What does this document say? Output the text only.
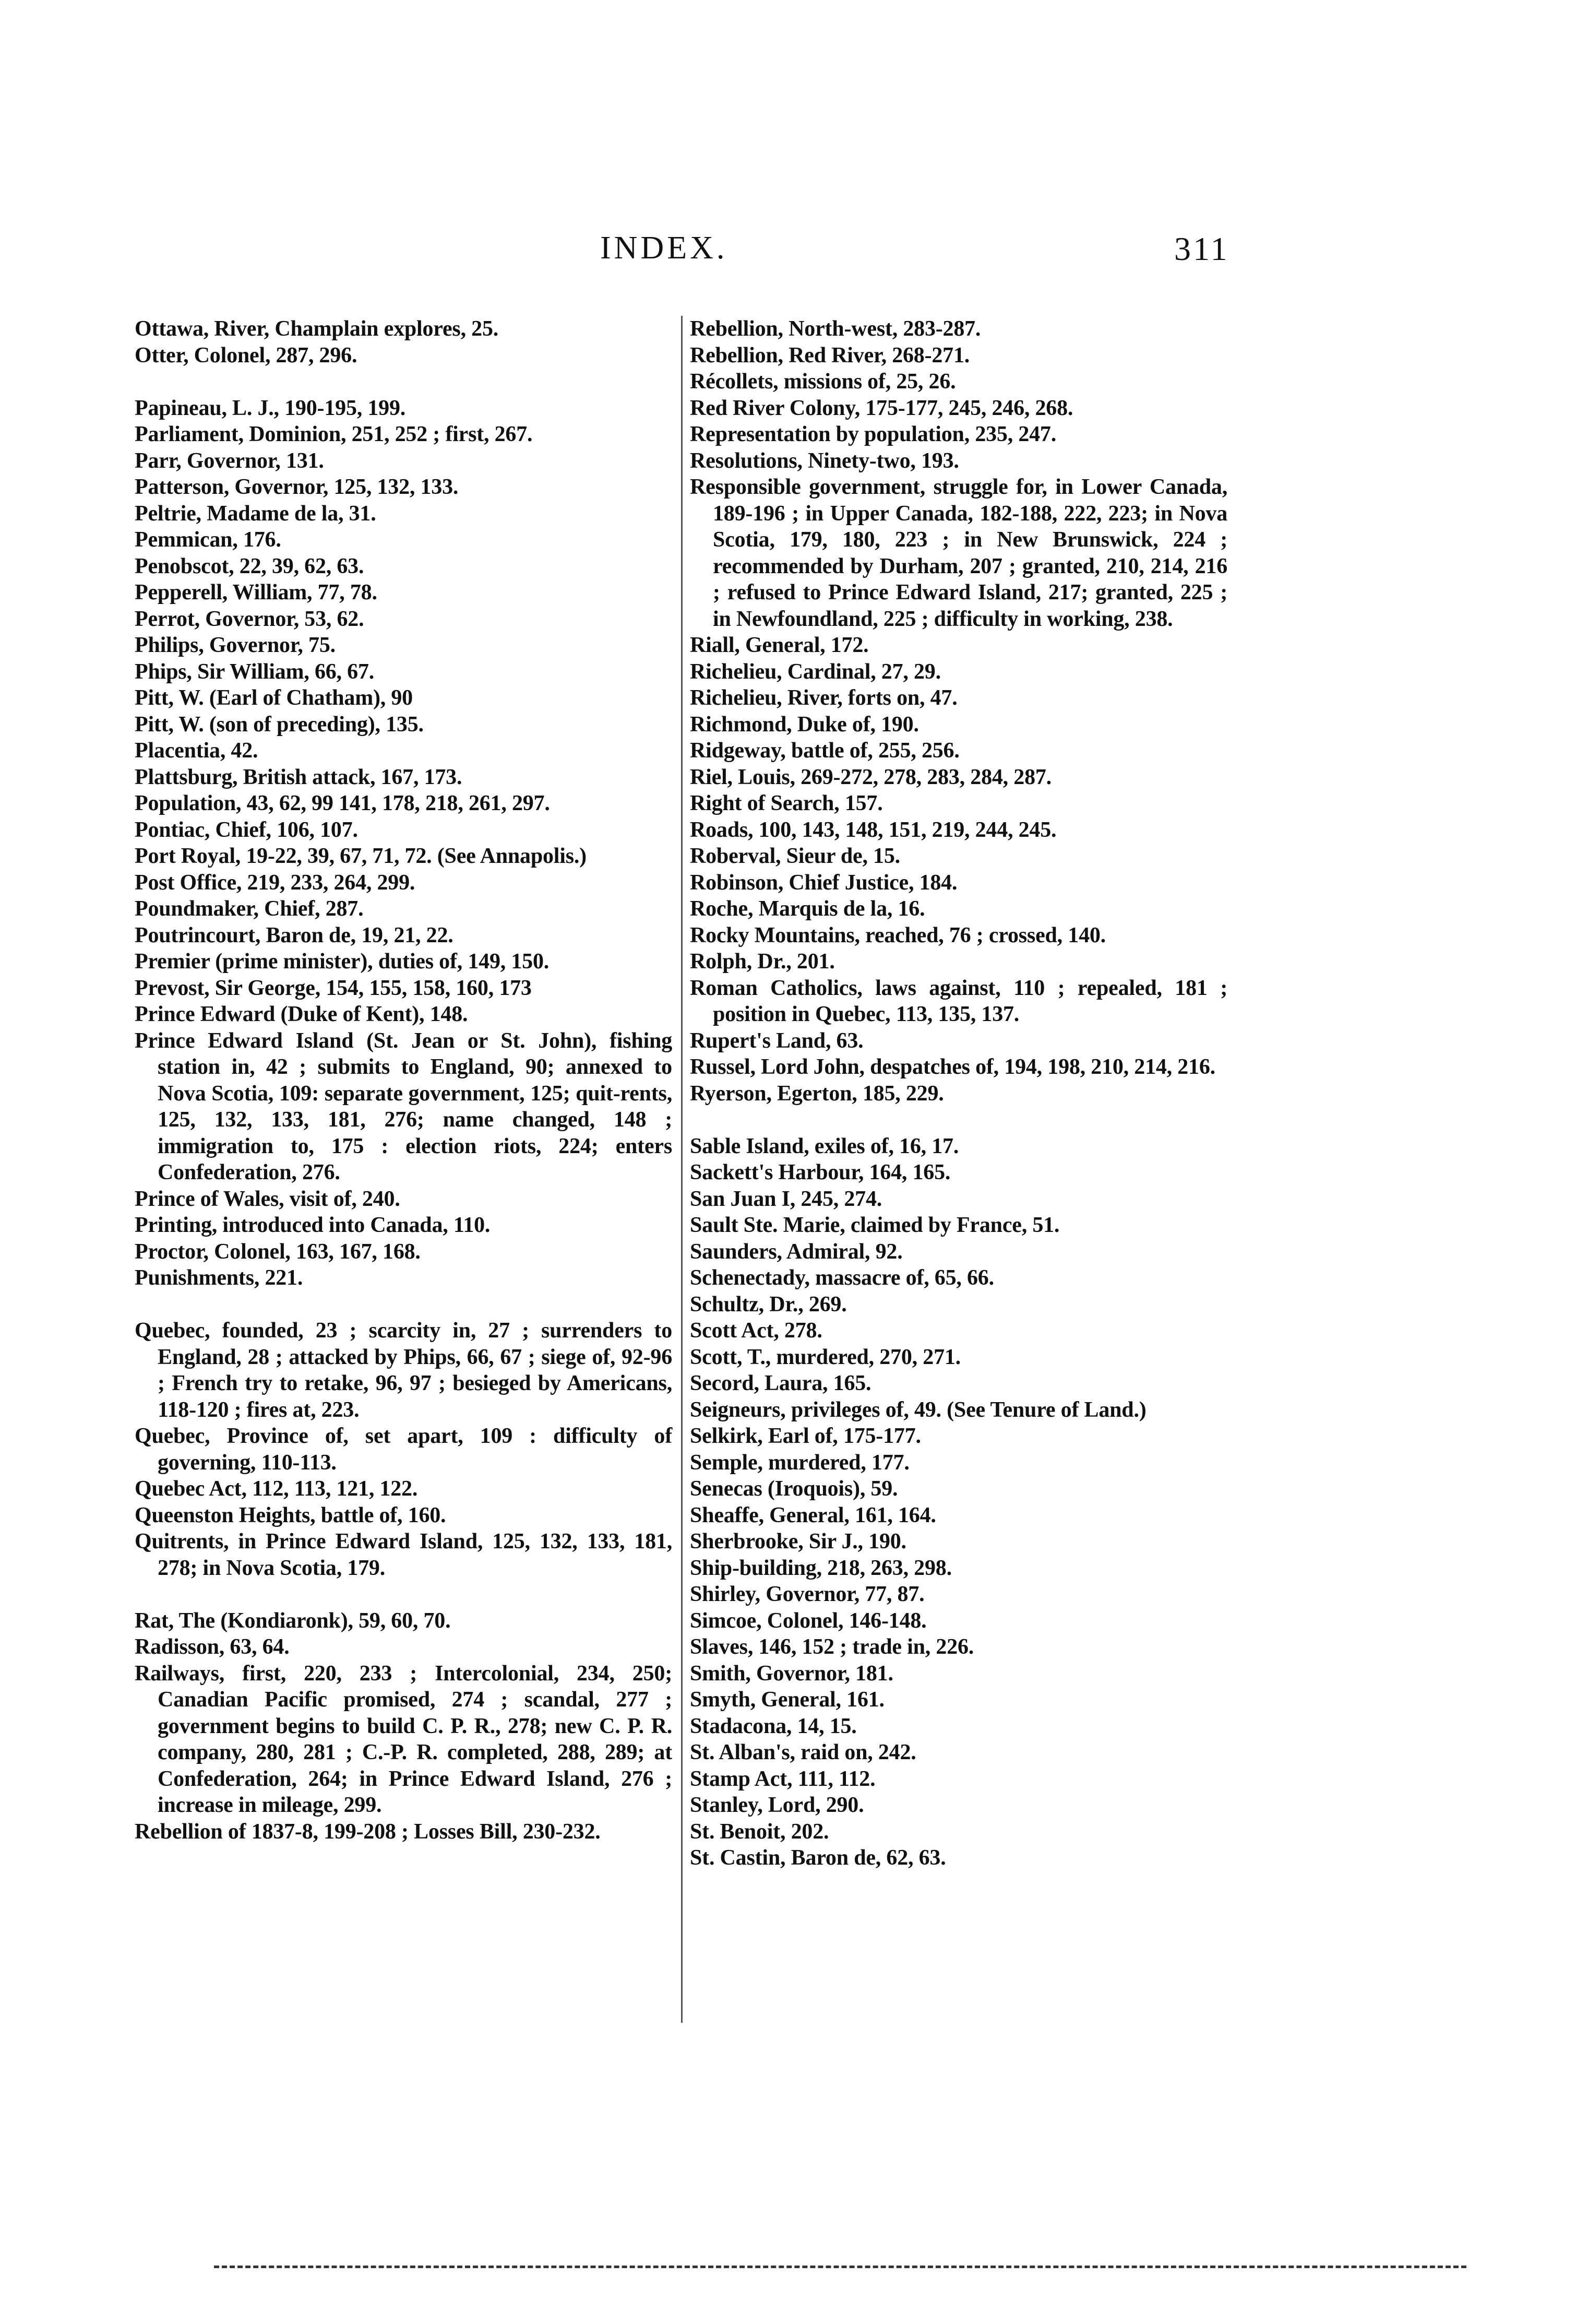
INDEX.	311

Ottawa, River, Champlain explores, 25.

Otter, Colonel, 287, 296.

Papineau, L. J., 190-195, 199.

Parliament, Dominion, 251, 252 ; first, 267.

Parr, Governor, 131.

Patterson, Governor, 125, 132, 133.

Peltrie, Madame de la, 31.

Pemmican, 176.

Penobscot, 22, 39, 62, 63.

Pepperell, William, 77, 78.

Perrot, Governor, 53, 62.

Philips, Governor, 75.

Phips, Sir William, 66, 67.

Pitt, W. (Earl of Chatham), 90

Pitt, W. (son of preceding), 135.

Placentia, 42.

Plattsburg, British attack, 167, 173.

Population, 43, 62, 99 141, 178, 218, 261, 297.

Pontiac, Chief, 106, 107.

Port Royal, 19-22, 39, 67, 71, 72. (See Annapolis.)

Post Office, 219, 233, 264, 299.

Poundmaker, Chief, 287.

Poutrincourt, Baron de, 19, 21, 22.

Premier (prime minister), duties of, 149, 150.

Prevost, Sir George, 154, 155, 158, 160, 173

Prince Edward (Duke of Kent), 148.

Prince Edward Island (St. Jean or St. John), fishing station in, 42 ; submits to England, 90; annexed to Nova Scotia, 109: separate government, 125; quit-rents, 125, 132, 133, 181, 276; name changed, 148 ; immigration to, 175 : election riots, 224; enters Confederation, 276.

Prince of Wales, visit of, 240.

Printing, introduced into Canada, 110.

Proctor, Colonel, 163, 167, 168.

Punishments, 221.

Quebec, founded, 23 ; scarcity in, 27 ; surrenders to England, 28 ; attacked by Phips, 66, 67 ; siege of, 92-96 ; French try to retake, 96, 97 ; besieged by Americans, 118-120 ; fires at, 223.

Quebec, Province of, set apart, 109 : difficulty of governing, 110-113.

Quebec Act, 112, 113, 121, 122.

Queenston Heights, battle of, 160.

Quitrents, in Prince Edward Island, 125, 132, 133, 181, 278; in Nova Scotia, 179.

Rat, The (Kondiaronk), 59, 60, 70.

Radisson, 63, 64.

Railways, first, 220, 233 ; Intercolonial, 234, 250; Canadian Pacific promised, 274 ; scandal, 277 ; government begins to build C. P. R., 278; new C. P. R. company, 280, 281 ; C.-P. R. completed, 288, 289; at Confederation, 264; in Prince Edward Island, 276 ; increase in mileage, 299.

Rebellion of 1837-8, 199-208 ; Losses Bill, 230-232.

Rebellion, North-west, 283-287.

Rebellion, Red River, 268-271.

Récollets, missions of, 25, 26.

Red River Colony, 175-177, 245, 246, 268.

Representation by population, 235, 247.

Resolutions, Ninety-two, 193.

Responsible government, struggle for, in Lower Canada, 189-196 ; in Upper Canada, 182-188, 222, 223; in Nova Scotia, 179, 180, 223 ; in New Brunswick, 224 ; recommended by Durham, 207 ; granted, 210, 214, 216 ; refused to Prince Edward Island, 217; granted, 225 ; in Newfoundland, 225 ; difficulty in working, 238.

Riall, General, 172.

Richelieu, Cardinal, 27, 29.

Richelieu, River, forts on, 47.

Richmond, Duke of, 190.

Ridgeway, battle of, 255, 256.

Riel, Louis, 269-272, 278, 283, 284, 287.

Right of Search, 157.

Roads, 100, 143, 148, 151, 219, 244, 245.

Roberval, Sieur de, 15.

Robinson, Chief Justice, 184.

Roche, Marquis de la, 16.

Rocky Mountains, reached, 76 ; crossed, 140.

Rolph, Dr., 201.

Roman Catholics, laws against, 110 ; repealed, 181 ; position in Quebec, 113, 135, 137.

Rupert's Land, 63.

Russel, Lord John, despatches of, 194, 198, 210, 214, 216.

Ryerson, Egerton, 185, 229.

Sable Island, exiles of, 16, 17.

Sackett's Harbour, 164, 165.

San Juan I, 245, 274.

Sault Ste. Marie, claimed by France, 51.

Saunders, Admiral, 92.

Schenectady, massacre of, 65, 66.

Schultz, Dr., 269.

Scott Act, 278.

Scott, T., murdered, 270, 271.

Secord, Laura, 165.

Seigneurs, privileges of, 49. (See Tenure of Land.)

Selkirk, Earl of, 175-177.

Semple, murdered, 177.

Senecas (Iroquois), 59.

Sheaffe, General, 161, 164.

Sherbrooke, Sir J., 190.

Ship-building, 218, 263, 298.

Shirley, Governor, 77, 87.

Simcoe, Colonel, 146-148.

Slaves, 146, 152 ; trade in, 226.

Smith, Governor, 181.

Smyth, General, 161.

Stadacona, 14, 15.

St. Alban's, raid on, 242.

Stamp Act, 111, 112.

Stanley, Lord, 290.

St. Benoit, 202.

St. Castin, Baron de, 62, 63.
